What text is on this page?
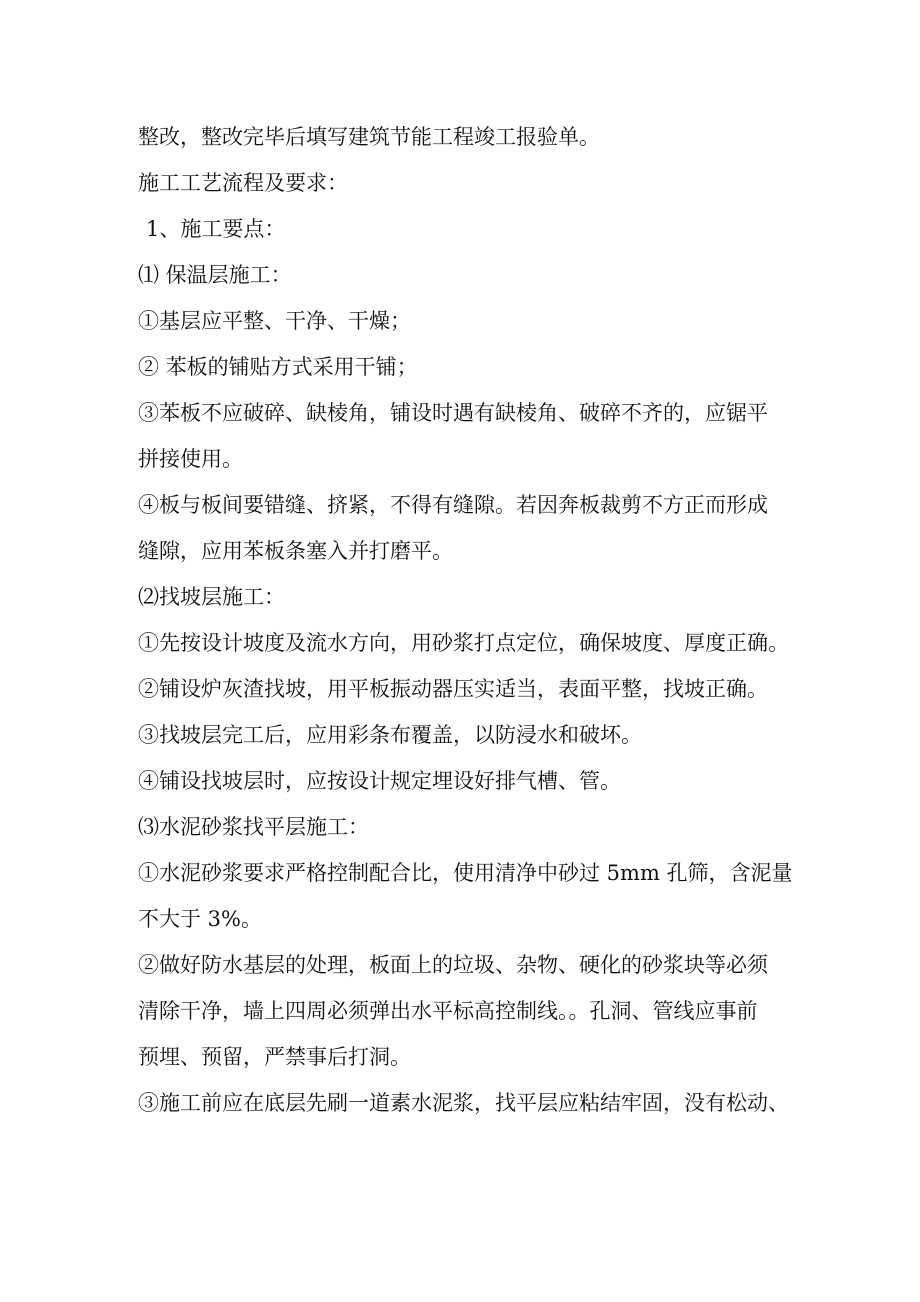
整改，整改完毕后填写建筑节能工程竣工报验单。
施工工艺流程及要求：
1、施工要点：
⑴ 保温层施工：
①基层应平整、干净、干燥；
② 苯板的铺贴方式采用干铺；
③苯板不应破碎、缺棱角，铺设时遇有缺棱角、破碎不齐的，应锯平
拼接使用。
④板与板间要错缝、挤紧，不得有缝隙。若因奔板裁剪不方正而形成
缝隙，应用苯板条塞入并打磨平。
⑵找坡层施工：
①先按设计坡度及流水方向，用砂浆打点定位，确保坡度、厚度正确。
②铺设炉灰渣找坡，用平板振动器压实适当，表面平整，找坡正确。
③找坡层完工后，应用彩条布覆盖，以防浸水和破坏。
④铺设找坡层时，应按设计规定埋设好排气槽、管。
⑶水泥砂浆找平层施工：
①水泥砂浆要求严格控制配合比，使用清净中砂过 5mm 孔筛，含泥量
不大于 3%。
②做好防水基层的处理，板面上的垃圾、杂物、硬化的砂浆块等必须
清除干净，墙上四周必须弹出水平标高控制线。。孔洞、管线应事前
预埋、预留，严禁事后打洞。
③施工前应在底层先刷一道素水泥浆，找平层应粘结牢固，没有松动、
